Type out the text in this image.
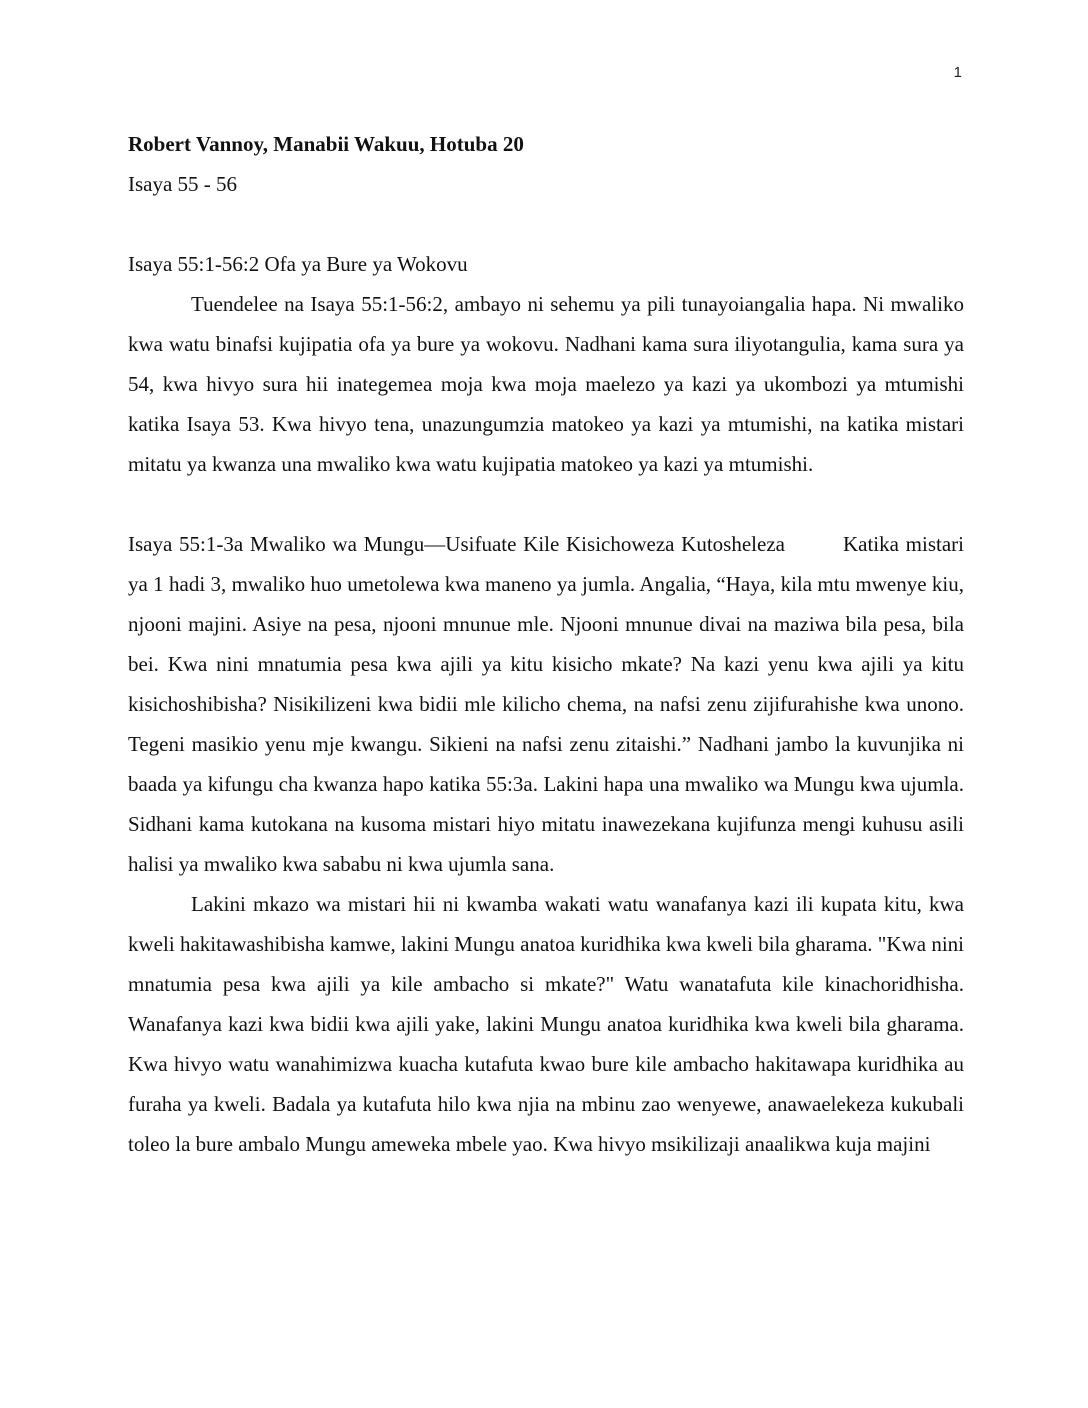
1

Robert Vannoy, Manabii Wakuu, Hotuba 20

Isaya 55 - 56

Isaya 55:1-56:2 Ofa ya Bure ya Wokovu

Tuendelee na Isaya 55:1-56:2, ambayo ni sehemu ya pili tunayoiangalia hapa. Ni mwaliko kwa watu binafsi kujipatia ofa ya bure ya wokovu. Nadhani kama sura iliyotangulia, kama sura ya 54, kwa hivyo sura hii inategemea moja kwa moja maelezo ya kazi ya ukombozi ya mtumishi katika Isaya 53. Kwa hivyo tena, unazungumzia matokeo ya kazi ya mtumishi, na katika mistari mitatu ya kwanza una mwaliko kwa watu kujipatia matokeo ya kazi ya mtumishi.

Isaya 55:1-3a Mwaliko wa Mungu—Usifuate Kile Kisichoweza Kutosheleza	Katika mistari ya 1 hadi 3, mwaliko huo umetolewa kwa maneno ya jumla. Angalia, “Haya, kila mtu mwenye kiu, njooni majini. Asiye na pesa, njooni mnunue mle. Njooni mnunue divai na maziwa bila pesa, bila bei. Kwa nini mnatumia pesa kwa ajili ya kitu kisicho mkate? Na kazi yenu kwa ajili ya kitu kisichoshibisha? Nisikilizeni kwa bidii mle kilicho chema, na nafsi zenu zijifurahishe kwa unono. Tegeni masikio yenu mje kwangu. Sikieni na nafsi zenu zitaishi.” Nadhani jambo la kuvunjika ni baada ya kifungu cha kwanza hapo katika 55:3a. Lakini hapa una mwaliko wa Mungu kwa ujumla. Sidhani kama kutokana na kusoma mistari hiyo mitatu inawezekana kujifunza mengi kuhusu asili halisi ya mwaliko kwa sababu ni kwa ujumla sana.

Lakini mkazo wa mistari hii ni kwamba wakati watu wanafanya kazi ili kupata kitu, kwa kweli hakitawashibisha kamwe, lakini Mungu anatoa kuridhika kwa kweli bila gharama. "Kwa nini mnatumia pesa kwa ajili ya kile ambacho si mkate?" Watu wanatafuta kile kinachoridhisha. Wanafanya kazi kwa bidii kwa ajili yake, lakini Mungu anatoa kuridhika kwa kweli bila gharama. Kwa hivyo watu wanahimizwa kuacha kutafuta kwao bure kile ambacho hakitawapa kuridhika au furaha ya kweli. Badala ya kutafuta hilo kwa njia na mbinu zao wenyewe, anawaelekeza kukubali toleo la bure ambalo Mungu ameweka mbele yao. Kwa hivyo msikilizaji anaalikwa kuja majini
